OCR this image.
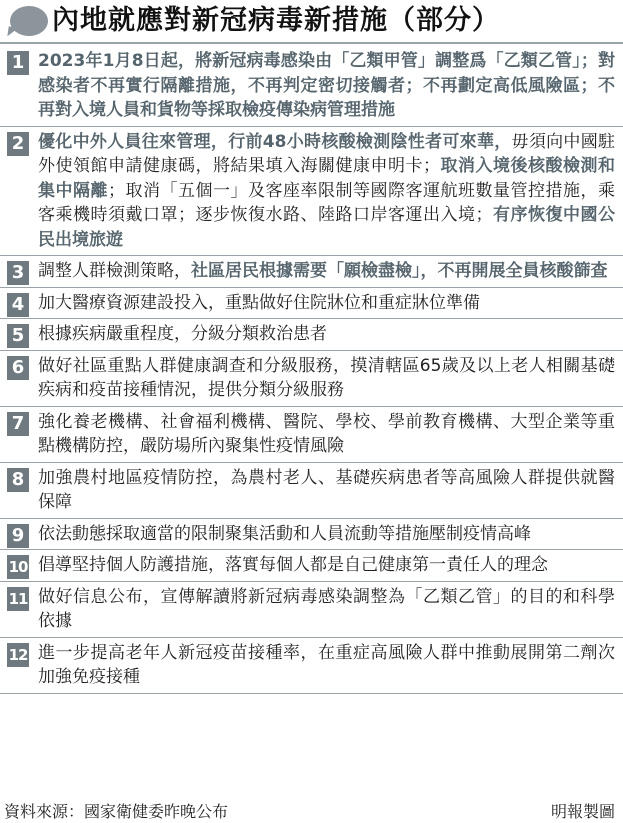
內地就應對新冠病毒新措施（部分）
1 2023年1月8日起，將新冠病毒感染由「乙類甲管」調整爲「乙類乙管」；對感染者不再實行隔離措施，不再判定密切接觸者；不再劃定高低風險區；不再對入境人員和貨物等採取檢疫傳染病管理措施
2 優化中外人員往來管理，行前48小時核酸檢測陰性者可來華，毋須向中國駐外使領館申請健康碼，將結果填入海關健康申明卡；取消入境後核酸檢測和集中隔離；取消「五個一」及客座率限制等國際客運航班數量管控措施，乘客乘機時須戴口罩；逐步恢復水路、陸路口岸客運出入境；有序恢復中國公民出境旅遊
3 調整人群檢測策略，社區居民根據需要「願檢盡檢」，不再開展全員核酸篩查
4 加大醫療資源建設投入，重點做好住院牀位和重症牀位準備
5 根據疾病嚴重程度，分級分類救治患者
6 做好社區重點人群健康調查和分級服務，摸清轄區65歲及以上老人相關基礎疾病和疫苗接種情況，提供分類分級服務
7 強化養老機構、社會福利機構、醫院、學校、學前教育機構、大型企業等重點機構防控，嚴防場所內聚集性疫情風險
8 加強農村地區疫情防控，為農村老人、基礎疾病患者等高風險人群提供就醫保障
9 依法動態採取適當的限制聚集活動和人員流動等措施壓制疫情高峰
10 倡導堅持個人防護措施，落實每個人都是自己健康第一責任人的理念
11 做好信息公布，宣傳解讀將新冠病毒感染調整為「乙類乙管」的目的和科學依據
12 進一步提高老年人新冠疫苗接種率，在重症高風險人群中推動展開第二劑次加強免疫接種
資料來源：國家衛健委昨晚公布	明報製圖
